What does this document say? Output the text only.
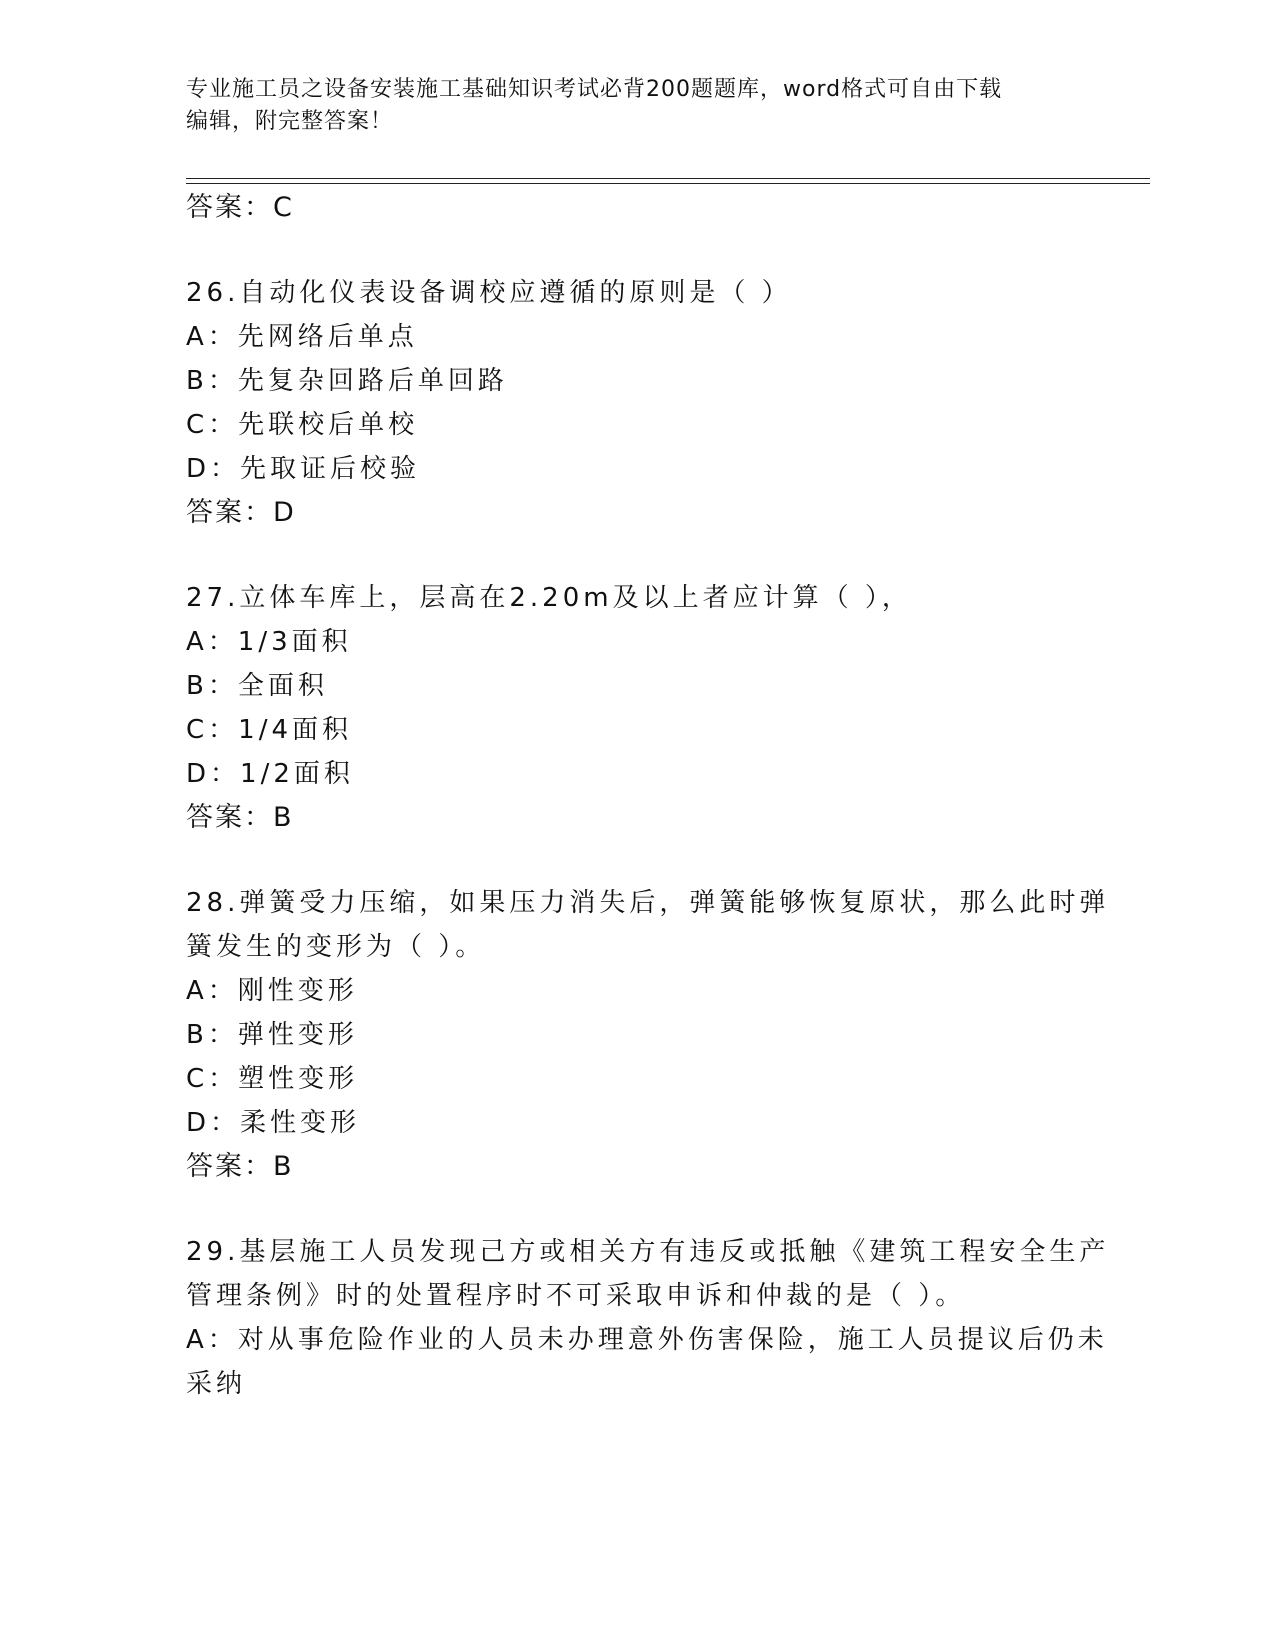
专业施工员之设备安装施工基础知识考试必背200题题库，word格式可自由下载
编辑，附完整答案！
答案：C
26.自动化仪表设备调校应遵循的原则是（ ）
A：先网络后单点
B：先复杂回路后单回路
C：先联校后单校
D：先取证后校验
答案：D
27.立体车库上，层高在2.20m及以上者应计算（ ），
A：1/3面积
B：全面积
C：1/4面积
D：1/2面积
答案：B
28.弹簧受力压缩，如果压力消失后，弹簧能够恢复原状，那么此时弹
簧发生的变形为（ ）。
A：刚性变形
B：弹性变形
C：塑性变形
D：柔性变形
答案：B
29.基层施工人员发现己方或相关方有违反或抵触《建筑工程安全生产
管理条例》时的处置程序时不可采取申诉和仲裁的是（ ）。
A：对从事危险作业的人员未办理意外伤害保险，施工人员提议后仍未
采纳
